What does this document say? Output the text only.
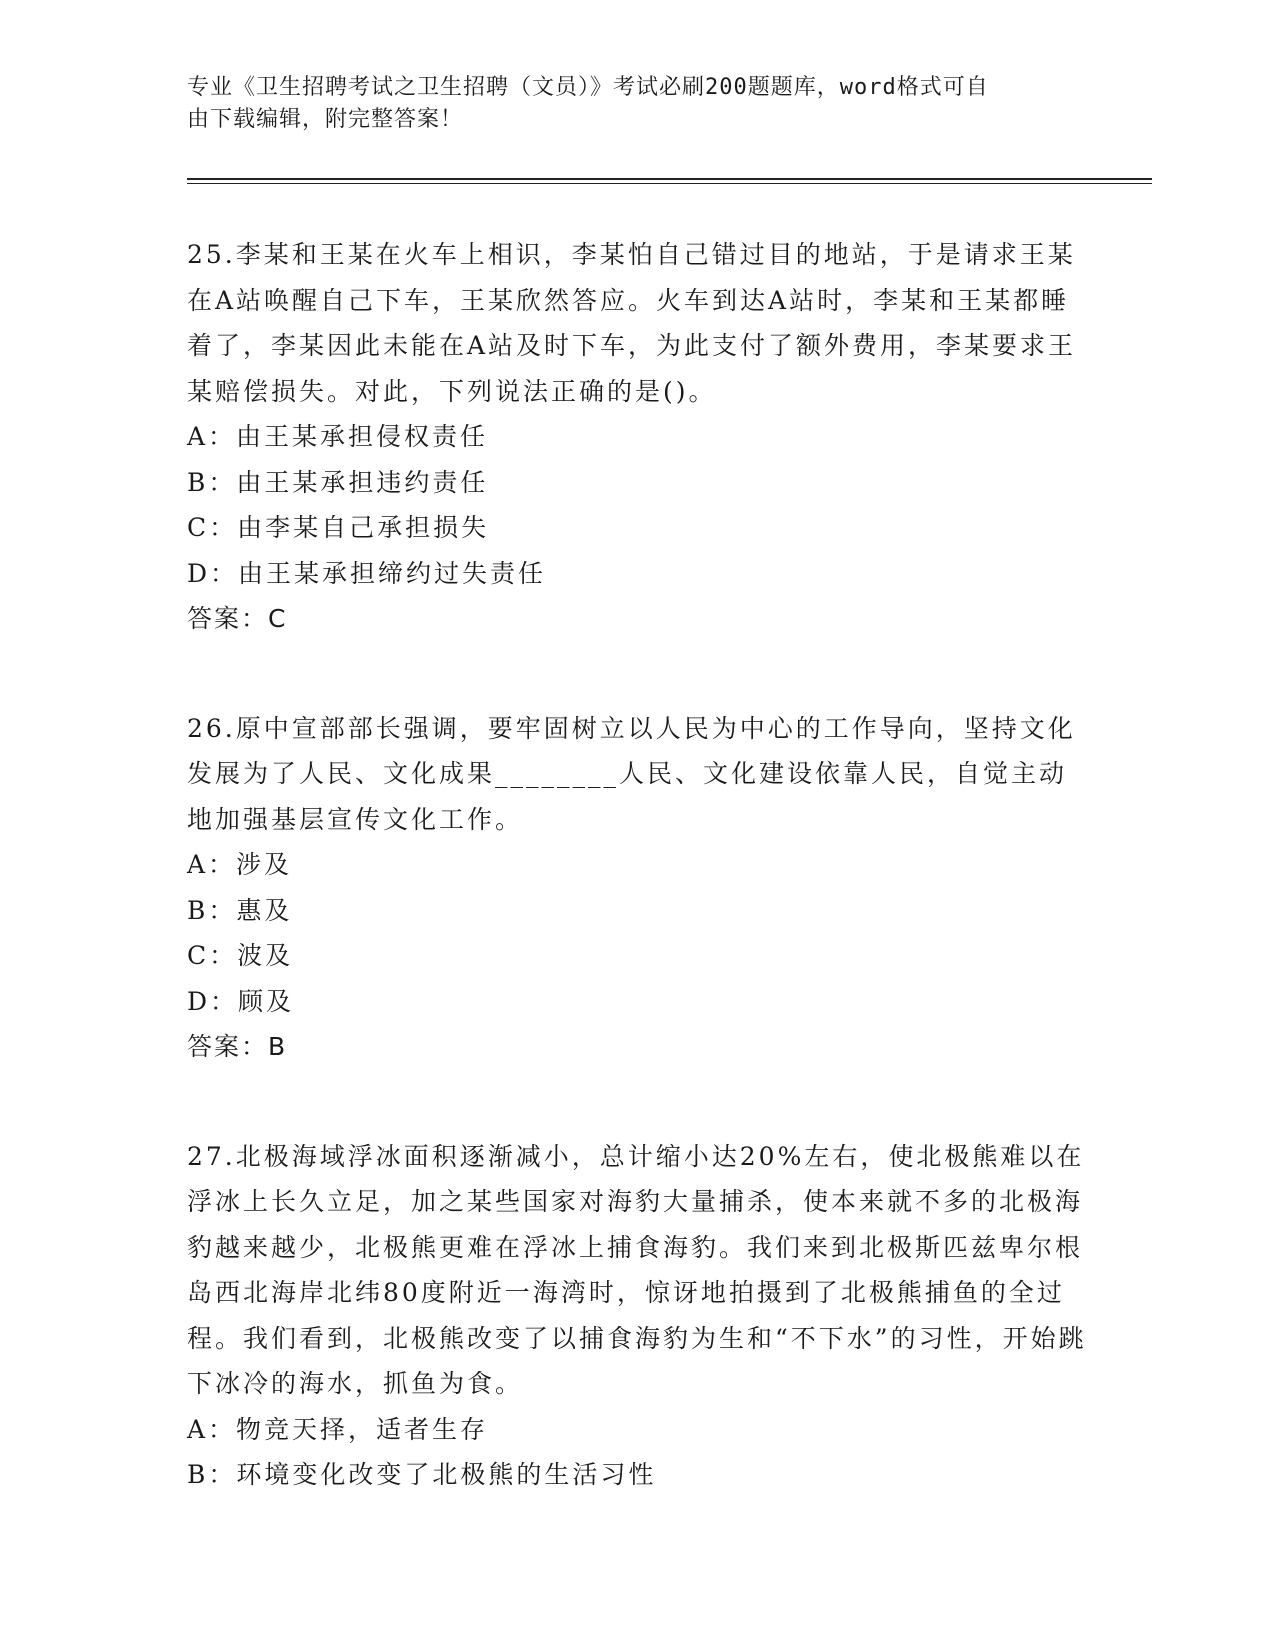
专业《卫生招聘考试之卫生招聘（文员）》考试必刷200题题库，word格式可自
由下载编辑，附完整答案！

25.李某和王某在火车上相识，李某怕自己错过目的地站，于是请求王某在A站唤醒自己下车，王某欣然答应。火车到达A站时，李某和王某都睡着了，李某因此未能在A站及时下车，为此支付了额外费用，李某要求王某赔偿损失。对此，下列说法正确的是()。

A：由王某承担侵权责任

B：由王某承担违约责任

C：由李某自己承担损失

D：由王某承担缔约过失责任

答案：C

26.原中宣部部长强调，要牢固树立以人民为中心的工作导向，坚持文化发展为了人民、文化成果________人民、文化建设依靠人民，自觉主动地加强基层宣传文化工作。

A：涉及

B：惠及

C：波及

D：顾及

答案：B

27.北极海域浮冰面积逐渐减小，总计缩小达20%左右，使北极熊难以在浮冰上长久立足，加之某些国家对海豹大量捕杀，使本来就不多的北极海豹越来越少，北极熊更难在浮冰上捕食海豹。我们来到北极斯匹兹卑尔根岛西北海岸北纬80度附近一海湾时，惊讶地拍摄到了北极熊捕鱼的全过程。我们看到，北极熊改变了以捕食海豹为生和“不下水”的习性，开始跳下冰冷的海水，抓鱼为食。

A：物竞天择，适者生存

B：环境变化改变了北极熊的生活习性
